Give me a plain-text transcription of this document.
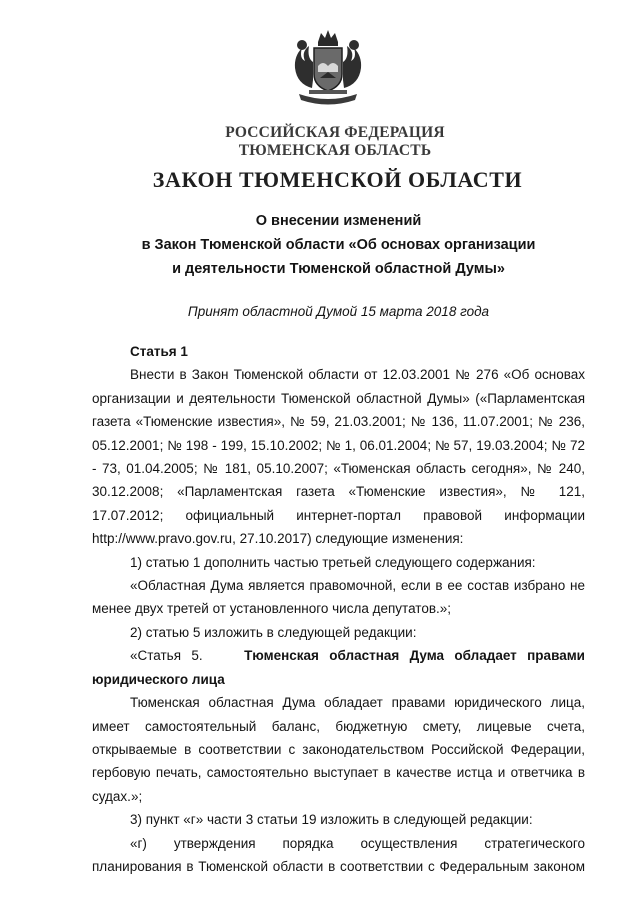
РОССИЙСКАЯ ФЕДЕРАЦИЯ
ТЮМЕНСКАЯ ОБЛАСТЬ
ЗАКОН ТЮМЕНСКОЙ ОБЛАСТИ
О внесении изменений
в Закон Тюменской области «Об основах организации
и деятельности Тюменской областной Думы»
Принят областной Думой 15 марта 2018 года

Статья 1

Внести в Закон Тюменской области от 12.03.2001 № 276 «Об основах организации и деятельности Тюменской областной Думы» («Парламентская газета «Тюменские известия», № 59, 21.03.2001; № 136, 11.07.2001; № 236, 05.12.2001; № 198 - 199, 15.10.2002; № 1, 06.01.2004; № 57, 19.03.2004; № 72 - 73, 01.04.2005; № 181, 05.10.2007; «Тюменская область сегодня», № 240, 30.12.2008; «Парламентская газета «Тюменские известия», № 121, 17.07.2012; официальный интернет-портал правовой информации http://www.pravo.gov.ru, 27.10.2017) следующие изменения:

1) статью 1 дополнить частью третьей следующего содержания:

«Областная Дума является правомочной, если в ее состав избрано не менее двух третей от установленного числа депутатов.»;

2) статью 5 изложить в следующей редакции:

«Статья 5.	Тюменская областная Дума обладает правами юридического лица

Тюменская областная Дума обладает правами юридического лица, имеет самостоятельный баланс, бюджетную смету, лицевые счета, открываемые в соответствии с законодательством Российской Федерации, гербовую печать, самостоятельно выступает в качестве истца и ответчика в судах.»;

3) пункт «г» части 3 статьи 19 изложить в следующей редакции:

«г) утверждения порядка осуществления стратегического планирования в Тюменской области в соответствии с Федеральным законом
